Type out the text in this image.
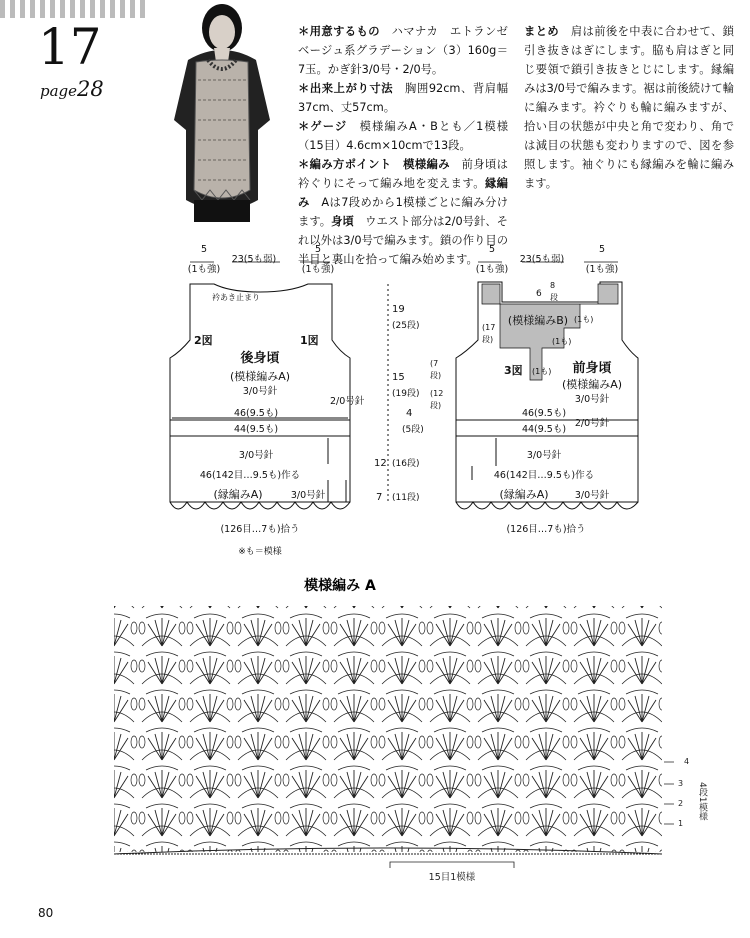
17
page28

＊用意するもの　 ハマナカ　エトランゼ　ベージュ系グラデーション（3）160g＝7玉。かぎ針3/0号・2/0号。

＊出来上がり寸法　 胸囲92cm、背肩幅37cm、丈57cm。

＊ゲージ　 模様編みA・Bとも／1模様（15目）4.6cm×10cmで13段。

＊編み方ポイント　 模様編み　 前身頃は衿ぐりにそって編み地を変えます。縁編み　 Aは7段めから1模様ごとに編み分けます。身頃　 ウエスト部分は2/0号針、それ以外は3/0号で編みます。鎖の作り目の半目と裏山を拾って編み始めます。

まとめ　 肩は前後を中表に合わせて、鎖引き抜きはぎにします。脇も肩はぎと同じ要領で鎖引き抜きとじにします。縁編みは3/0号で編みます。裾は前後続けて輪に編みます。衿ぐりも輪に編みますが、拾い目の状態が中央と角で変わり、角では減目の状態も変わりますので、図を参照します。袖ぐりにも縁編みを輪に編みます。

5
(1も強)
23(5も弱)
5
(1も強)
5
(1も強)
23(5も弱)
5
(1も強)
衿あき止まり
2図	1図
後身頃
(模様編みA)
3/0号針
2/0号針
46(9.5も)
44(9.5も)
3/0号針
46(142目…9.5も)作る
(縁編みA)	3/0号針
(126目…7も)拾う
※も＝模様
19
(25段)
15
(19段)
4
(5段)
12 (16段)
7 (11段)
6
8
段
(17
段)
(模様編みB) (1も)
(1も)
(1も)
3図	前身頃
(模様編みA)
3/0号針
(7
段)
(12
段)
46(9.5も)
44(9.5も)
2/0号針
3/0号針
46(142目…9.5も)作る
(縁編みA)	3/0号針
(126目…7も)拾う
模様編み A
4
3
2
1
4段1模様
15目1模様
80
